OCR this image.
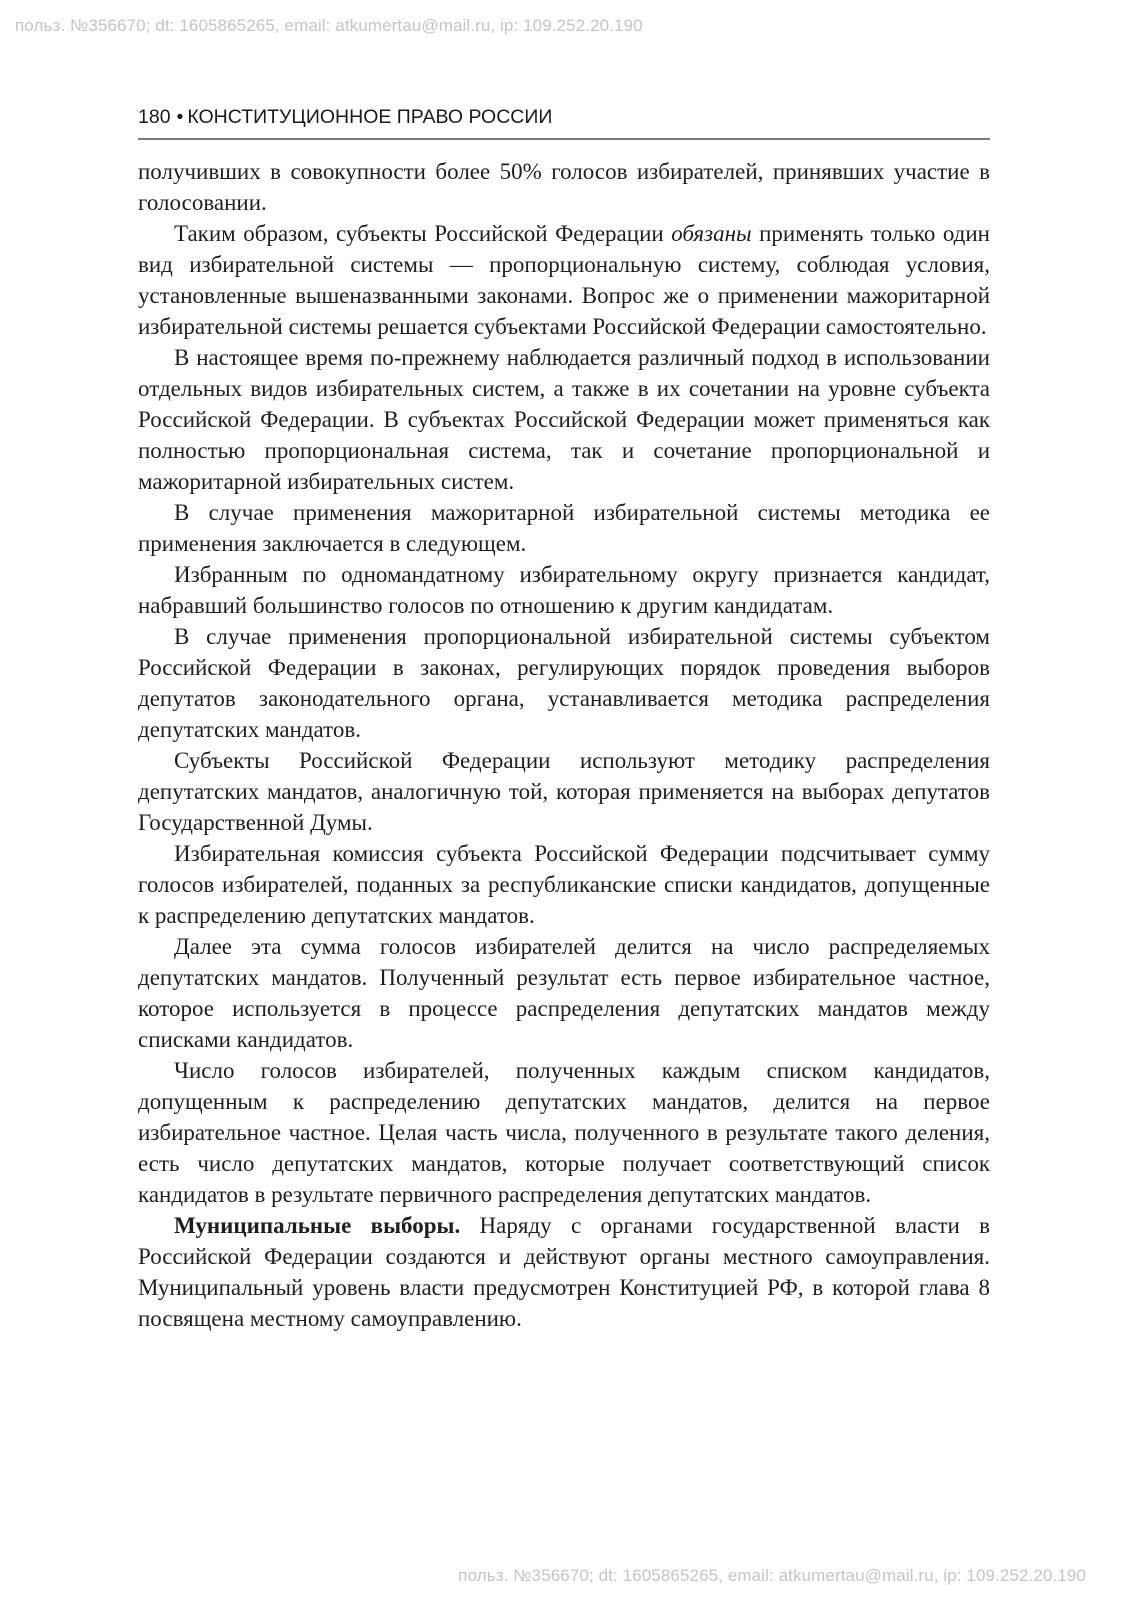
польз. №356670; dt: 1605865265, email: atkumertau@mail.ru, ip: 109.252.20.190
180 • КОНСТИТУЦИОННОЕ ПРАВО РОССИИ

получивших в совокупности более 50% голосов избирателей, принявших участие в голосовании.

Таким образом, субъекты Российской Федерации обязаны применять только один вид избирательной системы — пропорциональную систему, соблюдая условия, установленные вышеназванными законами. Вопрос же о применении мажоритарной избирательной системы решается субъектами Российской Федерации самостоятельно.

В настоящее время по-прежнему наблюдается различный подход в использовании отдельных видов избирательных систем, а также в их сочетании на уровне субъекта Российской Федерации. В субъектах Российской Федерации может применяться как полностью пропорциональная система, так и сочетание пропорциональной и мажоритарной избирательных систем.

В случае применения мажоритарной избирательной системы методика ее применения заключается в следующем.

Избранным по одномандатному избирательному округу признается кандидат, набравший большинство голосов по отношению к другим кандидатам.

В случае применения пропорциональной избирательной системы субъектом Российской Федерации в законах, регулирующих порядок проведения выборов депутатов законодательного органа, устанавливается методика распределения депутатских мандатов.

Субъекты Российской Федерации используют методику распределения депутатских мандатов, аналогичную той, которая применяется на выборах депутатов Государственной Думы.

Избирательная комиссия субъекта Российской Федерации подсчитывает сумму голосов избирателей, поданных за республиканские списки кандидатов, допущенные к распределению депутатских мандатов.

Далее эта сумма голосов избирателей делится на число распределяемых депутатских мандатов. Полученный результат есть первое избирательное частное, которое используется в процессе распределения депутатских мандатов между списками кандидатов.

Число голосов избирателей, полученных каждым списком кандидатов, допущенным к распределению депутатских мандатов, делится на первое избирательное частное. Целая часть числа, полученного в результате такого деления, есть число депутатских мандатов, которые получает соответствующий список кандидатов в результате первичного распределения депутатских мандатов.

Муниципальные выборы. Наряду с органами государственной власти в Российской Федерации создаются и действуют органы местного самоуправления. Муниципальный уровень власти предусмотрен Конституцией РФ, в которой глава 8 посвящена местному самоуправлению.

польз. №356670; dt: 1605865265, email: atkumertau@mail.ru, ip: 109.252.20.190
